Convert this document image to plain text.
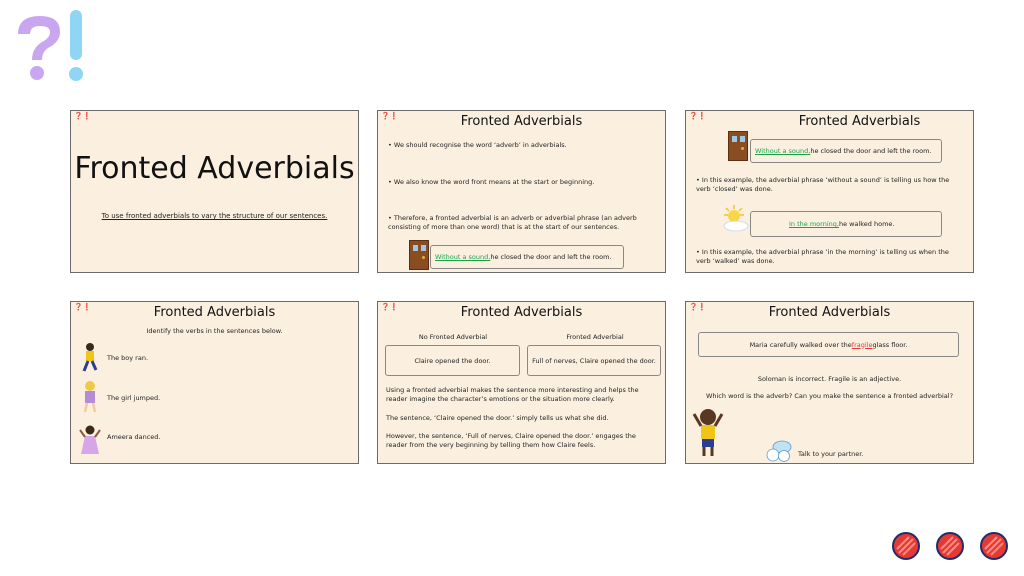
❓❗
Fronted Adverbials
To use fronted adverbials to vary the structure of our sentences.
❓❗	Fronted Adverbials
• We should recognise the word ‘adverb’ in adverbials.
• We also know the word front means at the start or beginning.
• Therefore, a fronted adverbial is an adverb or adverbial phrase (an adverb consisting of more than one word) that is at the start of our sentences.
Without a sound, he closed the door and left the room.
❓❗	Fronted Adverbials
Without a sound, he closed the door and left the room.
• In this example, the adverbial phrase ‘without a sound’ is telling us how the verb ‘closed’ was done.
In the morning, he walked home.
• In this example, the adverbial phrase ‘in the morning’ is telling us when the verb ‘walked’ was done.
❓❗	Fronted Adverbials
Identify the verbs in the sentences below.
The boy ran.
The girl jumped.
Ameera danced.
❓❗	Fronted Adverbials
No Fronted Adverbial	Fronted Adverbial
Claire opened the door.	Full of nerves, Claire opened the door.
Using a fronted adverbial makes the sentence more interesting and helps the reader imagine the character’s emotions or the situation more clearly.
The sentence, ‘Claire opened the door.’ simply tells us what she did.
However, the sentence, ‘Full of nerves, Claire opened the door.’ engages the reader from the very beginning by telling them how Claire feels.
❓❗	Fronted Adverbials
Maria carefully walked over the fragile glass floor.
Soloman is incorrect. Fragile is an adjective.
Which word is the adverb? Can you make the sentence a fronted adverbial?
Talk to your partner.
